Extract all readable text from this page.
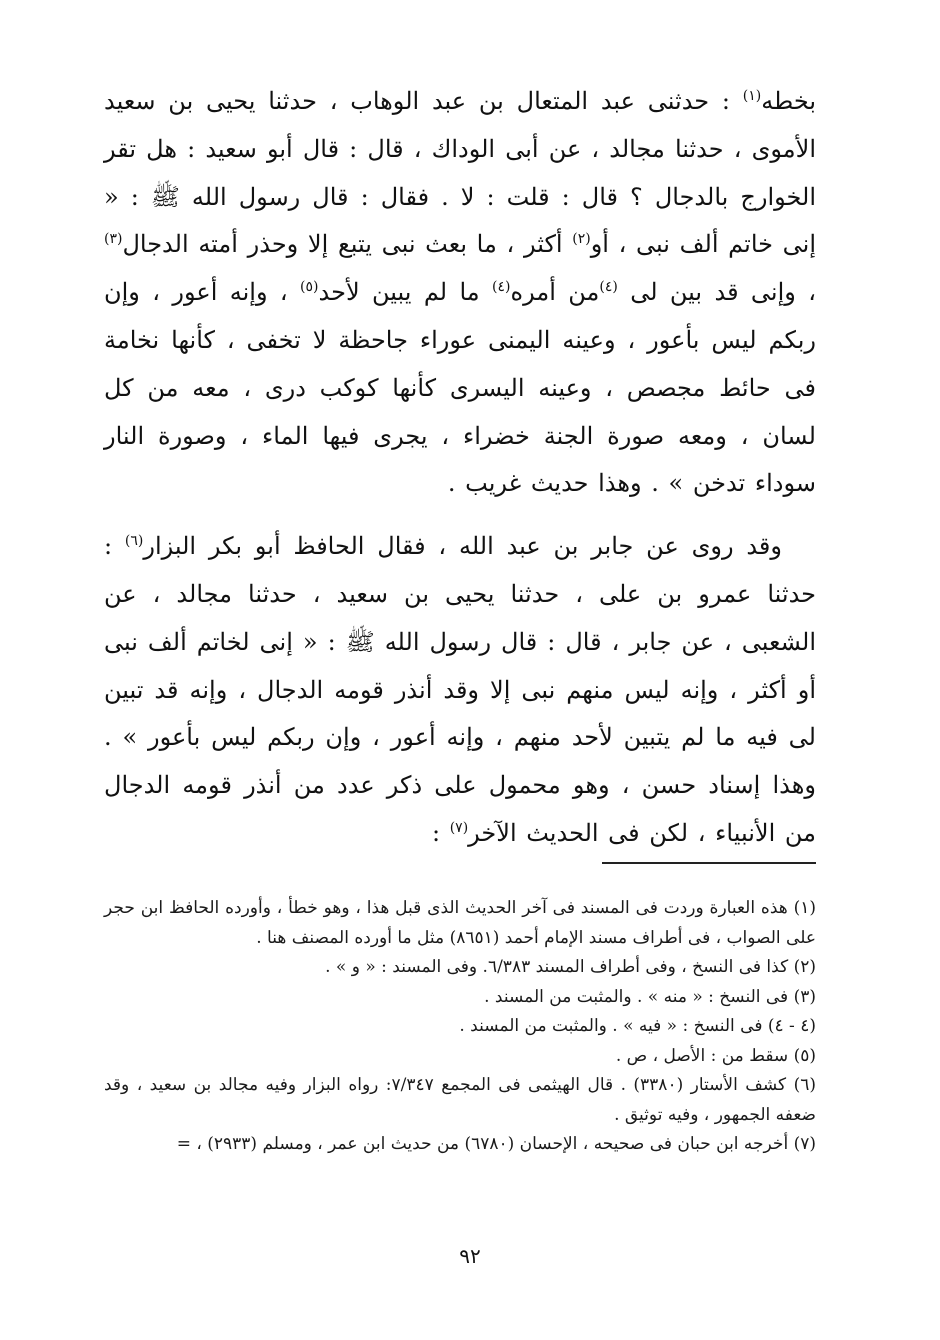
بخطه$^{(١)}$ : حدثنى عبد المتعال بن عبد الوهاب ، حدثنا يحيى بن سعيد الأموى ، حدثنا مجالد ، عن أبى الوداك ، قال : قال أبو سعيد : هل تقر الخوارج بالدجال ؟ قال : قلت : لا . فقال : قال رسول الله ﷺ : « إنى خاتم ألف نبى ، أو$^{(٢)}$ أكثر ، ما بعث نبى يتبع إلا وحذر أمته الدجال$^{(٣)}$ ، وإنى قد بين لى $^{(٤)}$من أمره$^{(٤)}$ ما لم يبين لأحد$^{(٥)}$ ، وإنه أعور ، وإن ربكم ليس بأعور ، وعينه اليمنى عوراء جاحظة لا تخفى ، كأنها نخامة فى حائط مجصص ، وعينه اليسرى كأنها كوكب درى ، معه من كل لسان ، ومعه صورة الجنة خضراء ، يجرى فيها الماء ، وصورة النار سوداء تدخن » . وهذا حديث غريب .

وقد روى عن جابر بن عبد الله ، فقال الحافظ أبو بكر البزار$^{(٦)}$ : حدثنا عمرو بن على ، حدثنا يحيى بن سعيد ، حدثنا مجالد ، عن الشعبى ، عن جابر ، قال : قال رسول الله ﷺ : « إنى لخاتم ألف نبى أو أكثر ، وإنه ليس منهم نبى إلا وقد أنذر قومه الدجال ، وإنه قد تبين لى فيه ما لم يتبين لأحد منهم ، وإنه أعور ، وإن ربكم ليس بأعور » . وهذا إسناد حسن ، وهو محمول على ذكر عدد من أنذر قومه الدجال من الأنبياء ، لكن فى الحديث الآخر$^{(٧)}$ :

(١) هذه العبارة وردت فى المسند فى آخر الحديث الذى قبل هذا ، وهو خطأ ، وأورده الحافظ ابن حجر على الصواب ، فى أطراف مسند الإمام أحمد (٨٦٥١) مثل ما أورده المصنف هنا .

(٢) كذا فى النسخ ، وفى أطراف المسند ٦/٣٨٣. وفى المسند : « و » .

(٣) فى النسخ : « منه » . والمثبت من المسند .

(٤ - ٤) فى النسخ : « فيه » . والمثبت من المسند .

(٥) سقط من : الأصل ، ص .

(٦) كشف الأستار (٣٣٨٠) . قال الهيثمى فى المجمع ٧/٣٤٧: رواه البزار وفيه مجالد بن سعيد ، وقد ضعفه الجمهور ، وفيه توثيق .

(٧) أخرجه ابن حبان فى صحيحه ، الإحسان (٦٧٨٠) من حديث ابن عمر ، ومسلم (٢٩٣٣) ، =

٩٢
